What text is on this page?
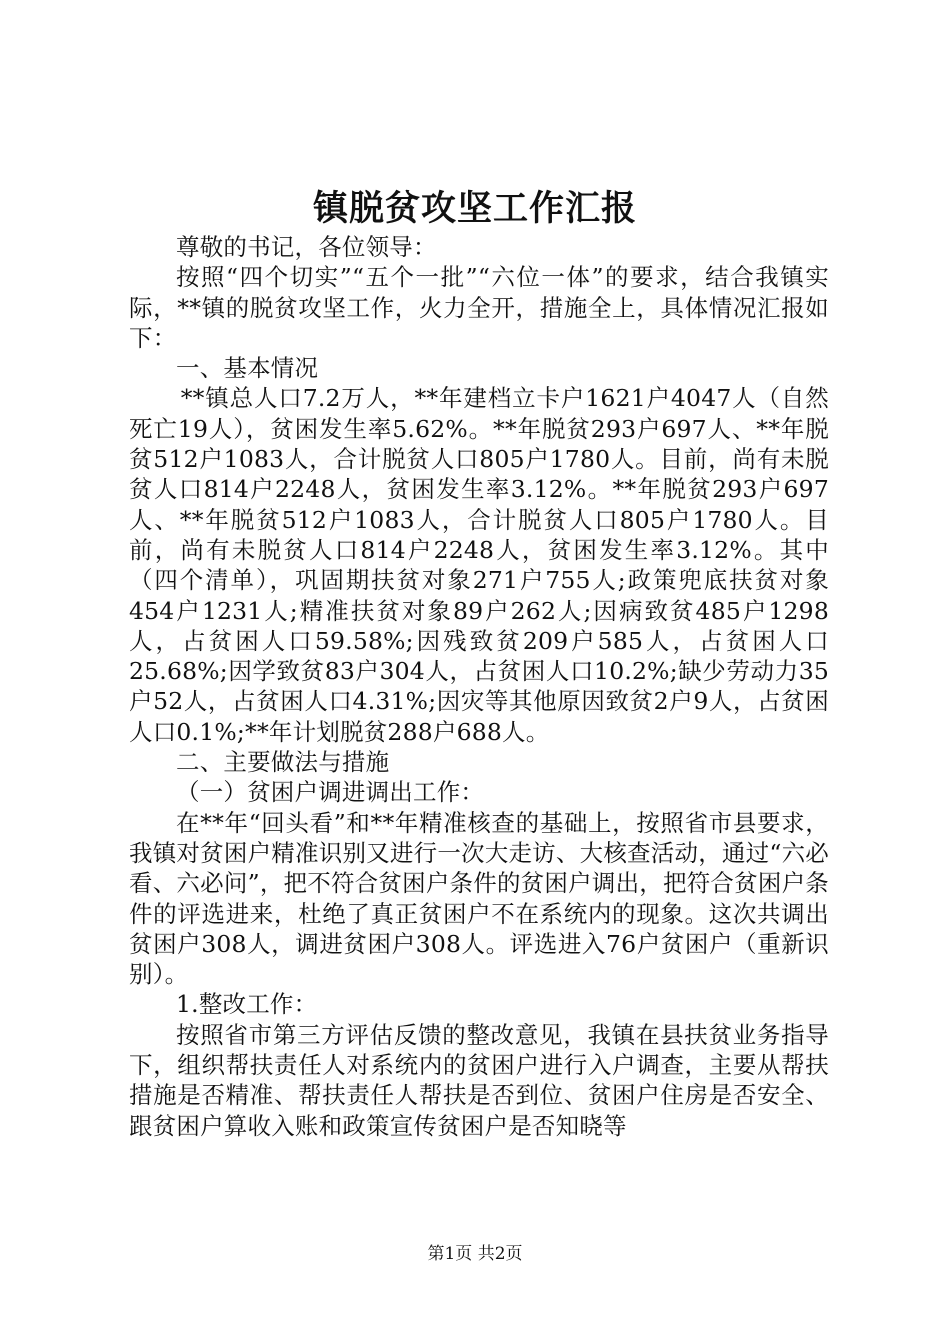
镇脱贫攻坚工作汇报

尊敬的书记，各位领导：

按照“四个切实”“五个一批”“六位一体”的要求，结合我镇实际，**镇的脱贫攻坚工作，火力全开，措施全上，具体情况汇报如下：

一、基本情况

**镇总人口7.2万人，**年建档立卡户1621户4047人（自然死亡19人），贫困发生率5.62%。**年脱贫293户697人、**年脱贫512户1083人，合计脱贫人口805户1780人。目前，尚有未脱贫人口814户2248人，贫困发生率3.12%。**年脱贫293户697人、**年脱贫512户1083人，合计脱贫人口805户1780人。目前，尚有未脱贫人口814户2248人，贫困发生率3.12%。其中（四个清单），巩固期扶贫对象271户755人;政策兜底扶贫对象454户1231人;精准扶贫对象89户262人;因病致贫485户1298人，占贫困人口59.58%;因残致贫209户585人，占贫困人口25.68%;因学致贫83户304人，占贫困人口10.2%;缺少劳动力35户52人，占贫困人口4.31%;因灾等其他原因致贫2户9人，占贫困人口0.1%;**年计划脱贫288户688人。

二、主要做法与措施

（一）贫困户调进调出工作：

在**年“回头看”和**年精准核查的基础上，按照省市县要求，我镇对贫困户精准识别又进行一次大走访、大核查活动，通过“六必看、六必问”，把不符合贫困户条件的贫困户调出，把符合贫困户条件的评选进来，杜绝了真正贫困户不在系统内的现象。这次共调出贫困户308人，调进贫困户308人。评选进入76户贫困户（重新识别）。

1.整改工作：

按照省市第三方评估反馈的整改意见，我镇在县扶贫业务指导下，组织帮扶责任人对系统内的贫困户进行入户调查，主要从帮扶措施是否精准、帮扶责任人帮扶是否到位、贫困户住房是否安全、跟贫困户算收入账和政策宣传贫困户是否知晓等

第1页 共2页
